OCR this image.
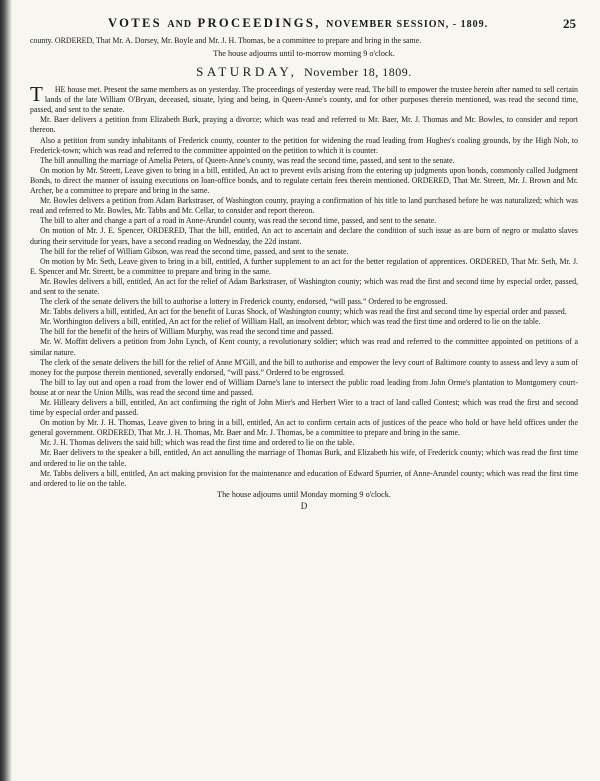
VOTES AND PROCEEDINGS, NOVEMBER SESSION, - 1809.	25

county. ORDERED, That Mr. A. Dorsey, Mr. Boyle and Mr. J. H. Thomas, be a committee to prepare and bring in the same.

The house adjourns until to-morrow morning 9 o'clock.
SATURDAY, November 18, 1809.

T HE house met. Present the same members as on yesterday. The proceedings of yesterday were read. The bill to empower the trustee herein after named to sell certain lands of the late William O'Bryan, deceased, situate, lying and being, in Queen-Anne's county, and for other purposes therein mentioned, was read the second time, passed, and sent to the senate.

Mr. Baer delivers a petition from Elizabeth Burk, praying a divorce; which was read and referred to Mr. Baer, Mr. J. Thomas and Mr. Bowles, to consider and report thereon.

Also a petition from sundry inhabitants of Frederick county, counter to the petition for widening the road leading from Hughes's coaling grounds, by the High Nob, to Frederick-town; which was read and referred to the committee appointed on the petition to which it is counter.

The bill annulling the marriage of Amelia Peters, of Queen-Anne's county, was read the second time, passed, and sent to the senate.

On motion by Mr. Streett, Leave given to bring in a bill, entitled, An act to prevent evils arising from the entering up judgments upon bonds, commonly called Judgment Bonds, to direct the manner of issuing executions on loan-office bonds, and to regulate certain fees therein mentioned. ORDERED, That Mr. Streett, Mr. J. Brown and Mr. Archer, be a committee to prepare and bring in the same.

Mr. Bowles delivers a petition from Adam Barkstraser, of Washington county, praying a confirmation of his title to land purchased before he was naturalized; which was read and referred to Mr. Bowles, Mr. Tabbs and Mr. Cellar, to consider and report thereon.

The bill to alter and change a part of a road in Anne-Arundel county, was read the second time, passed, and sent to the senate.

On motion of Mr. J. E. Spencer, ORDERED, That the bill, entitled, An act to ascertain and declare the condition of such issue as are born of negro or mulatto slaves during their servitude for years, have a second reading on Wednesday, the 22d instant.

The bill for the relief of William Gibson, was read the second time, passed, and sent to the senate.

On motion by Mr. Seth, Leave given to bring in a bill, entitled, A further supplement to an act for the better regulation of apprentices. ORDERED, That Mr. Seth, Mr. J. E. Spencer and Mr. Streett, be a committee to prepare and bring in the same.

Mr. Bowles delivers a bill, entitled, An act for the relief of Adam Barkstraser, of Washington county; which was read the first and second time by especial order, passed, and sent to the senate.

The clerk of the senate delivers the bill to authorise a lottery in Frederick county, endorsed, “will pass.” Ordered to be engrossed.

Mr. Tabbs delivers a bill, entitled, An act for the benefit of Lucas Shock, of Washington county; which was read the first and second time by especial order and passed.

Mr. Worthington delivers a bill, entitled, An act for the relief of William Hall, an insolvent debtor; which was read the first time and ordered to lie on the table.

The bill for the benefit of the heirs of William Murphy, was read the second time and passed.

Mr. W. Moffitt delivers a petition from John Lynch, of Kent county, a revolutionary soldier; which was read and referred to the committee appointed on petitions of a similar nature.

The clerk of the senate delivers the bill for the relief of Anne M'Gill, and the bill to authorise and empower the levy court of Baltimore county to assess and levy a sum of money for the purpose therein mentioned, severally endorsed, “will pass.” Ordered to be engrossed.

The bill to lay out and open a road from the lower end of William Darne's lane to intersect the public road leading from John Orme's plantation to Montgomery court-house at or near the Union Mills, was read the second time and passed.

Mr. Hilleary delivers a bill, entitled, An act confirming the right of John Mier's and Herbert Wier to a tract of land called Contest; which was read the first and second time by especial order and passed.

On motion by Mr. J. H. Thomas, Leave given to bring in a bill, entitled, An act to confirm certain acts of justices of the peace who hold or have held offices under the general government. ORDERED, That Mr. J. H. Thomas, Mr. Baer and Mr. J. Thomas, be a committee to prepare and bring in the same.

Mr. J. H. Thomas delivers the said bill; which was read the first time and ordered to lie on the table.

Mr. Baer delivers to the speaker a bill, entitled, An act annulling the marriage of Thomas Burk, and Elizabeth his wife, of Frederick county; which was read the first time and ordered to lie on the table.

Mr. Tabbs delivers a bill, entitled, An act making provision for the maintenance and education of Edward Spurrier, of Anne-Arundel county; which was read the first time and ordered to lie on the table.

The house adjourns until Monday morning 9 o'clock.
D
